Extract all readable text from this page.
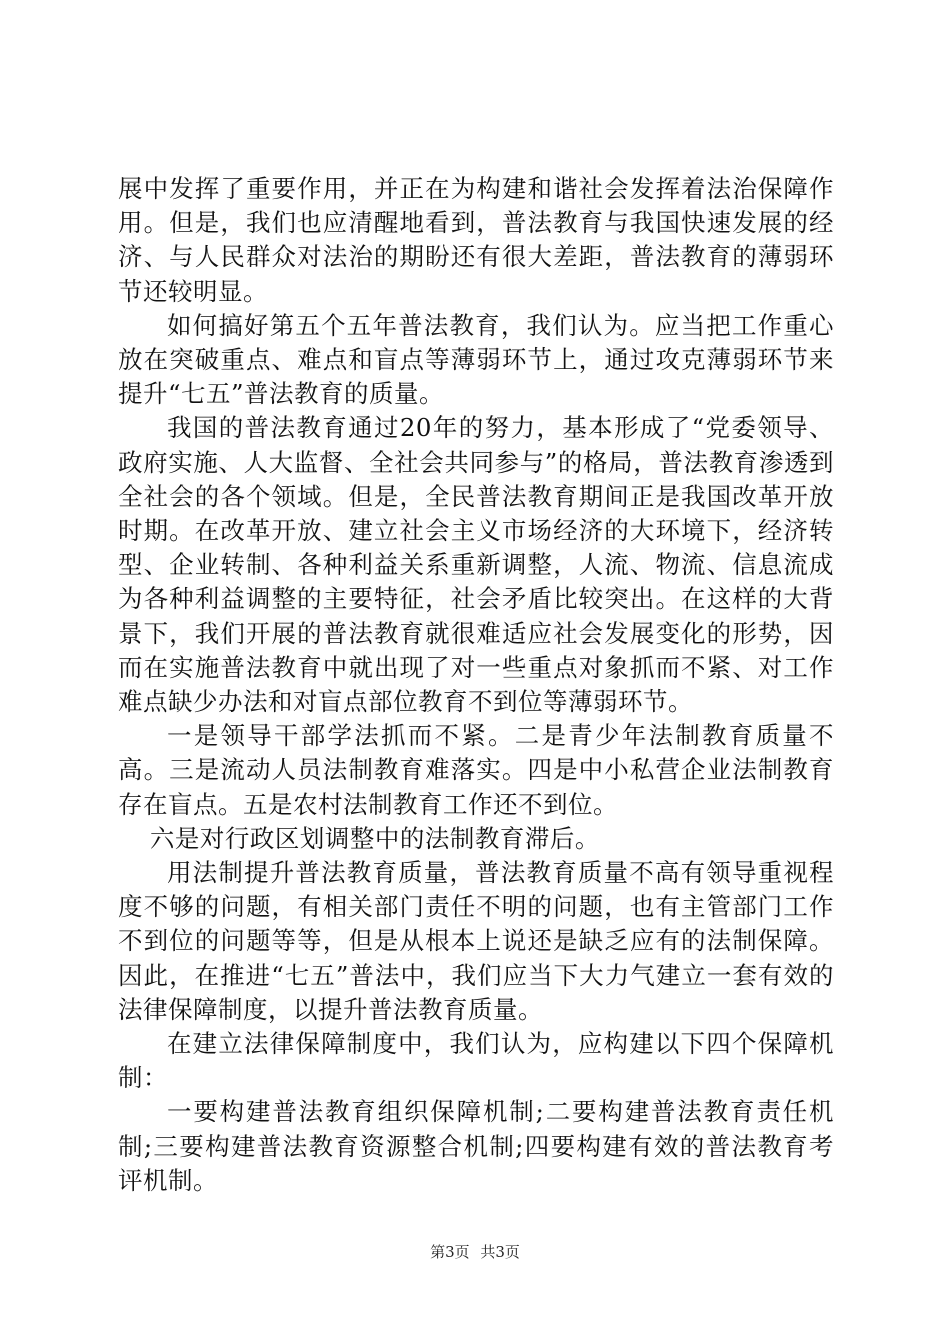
展中发挥了重要作用，并正在为构建和谐社会发挥着法治保障作用。但是，我们也应清醒地看到，普法教育与我国快速发展的经济、与人民群众对法治的期盼还有很大差距，普法教育的薄弱环节还较明显。

如何搞好第五个五年普法教育，我们认为。应当把工作重心放在突破重点、难点和盲点等薄弱环节上，通过攻克薄弱环节来提升“七五”普法教育的质量。

我国的普法教育通过20年的努力，基本形成了“党委领导、政府实施、人大监督、全社会共同参与”的格局，普法教育渗透到全社会的各个领域。但是，全民普法教育期间正是我国改革开放时期。在改革开放、建立社会主义市场经济的大环境下，经济转型、企业转制、各种利益关系重新调整，人流、物流、信息流成为各种利益调整的主要特征，社会矛盾比较突出。在这样的大背景下，我们开展的普法教育就很难适应社会发展变化的形势，因而在实施普法教育中就出现了对一些重点对象抓而不紧、对工作难点缺少办法和对盲点部位教育不到位等薄弱环节。

一是领导干部学法抓而不紧。二是青少年法制教育质量不高。三是流动人员法制教育难落实。四是中小私营企业法制教育存在盲点。五是农村法制教育工作还不到位。

六是对行政区划调整中的法制教育滞后。

用法制提升普法教育质量，普法教育质量不高有领导重视程度不够的问题，有相关部门责任不明的问题，也有主管部门工作不到位的问题等等，但是从根本上说还是缺乏应有的法制保障。因此，在推进“七五”普法中，我们应当下大力气建立一套有效的法律保障制度，以提升普法教育质量。

在建立法律保障制度中，我们认为，应构建以下四个保障机制：

一要构建普法教育组织保障机制;二要构建普法教育责任机制;三要构建普法教育资源整合机制;四要构建有效的普法教育考评机制。

第3页 共3页
